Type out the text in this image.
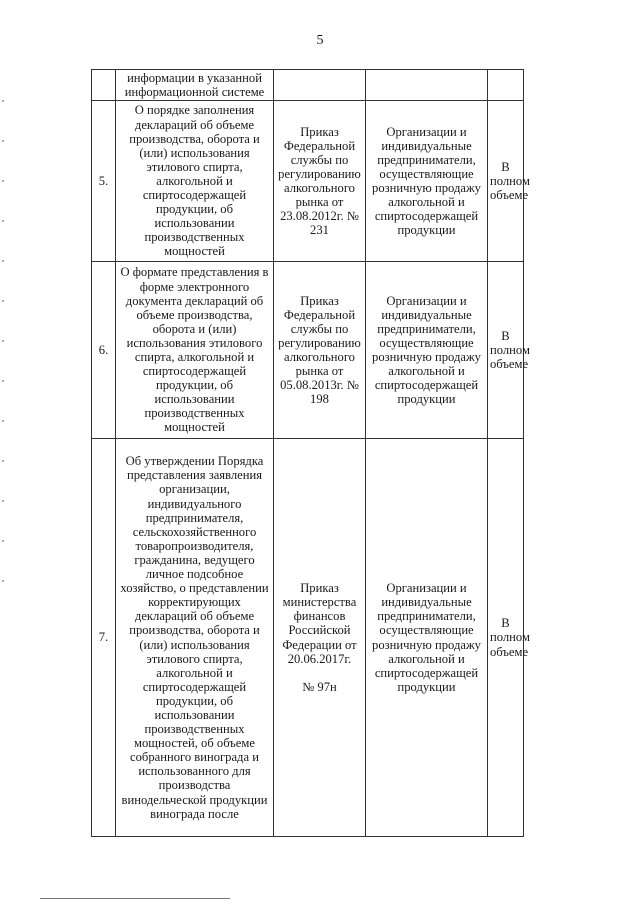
5
	информации в указанной информационной системе			
5.	О порядке заполнения деклараций об объеме производства, оборота и (или) использования этилового спирта, алкогольной и спиртосодержащей продукции, об использовании производственных мощностей	Приказ Федеральной службы по регулированию алкогольного рынка от 23.08.2012г. № 231	Организации и индивидуальные предприниматели, осуществляющие розничную продажу алкогольной и спиртосодержащей продукции	В полном объеме
6.	О формате представления в форме электронного документа деклараций об объеме производства, оборота и (или) использования этилового спирта, алкогольной и спиртосодержащей продукции, об использовании производственных мощностей	Приказ Федеральной службы по регулированию алкогольного рынка от 05.08.2013г. № 198	Организации и индивидуальные предприниматели, осуществляющие розничную продажу алкогольной и спиртосодержащей продукции	В полном объеме
7.	Об утверждении Порядка представления заявления организации, индивидуального предпринимателя, сельскохозяйственного товаропроизводителя, гражданина, ведущего личное подсобное хозяйство, о представлении корректирующих деклараций об объеме производства, оборота и (или) использования этилового спирта, алкогольной и спиртосодержащей продукции, об использовании производственных мощностей, об объеме собранного винограда и использованного для производства винодельческой продукции винограда после	Приказ министерства финансов Российской Федерации от 20.06.2017г.
№ 97н	Организации и индивидуальные предприниматели, осуществляющие розничную продажу алкогольной и спиртосодержащей продукции	В полном объеме
